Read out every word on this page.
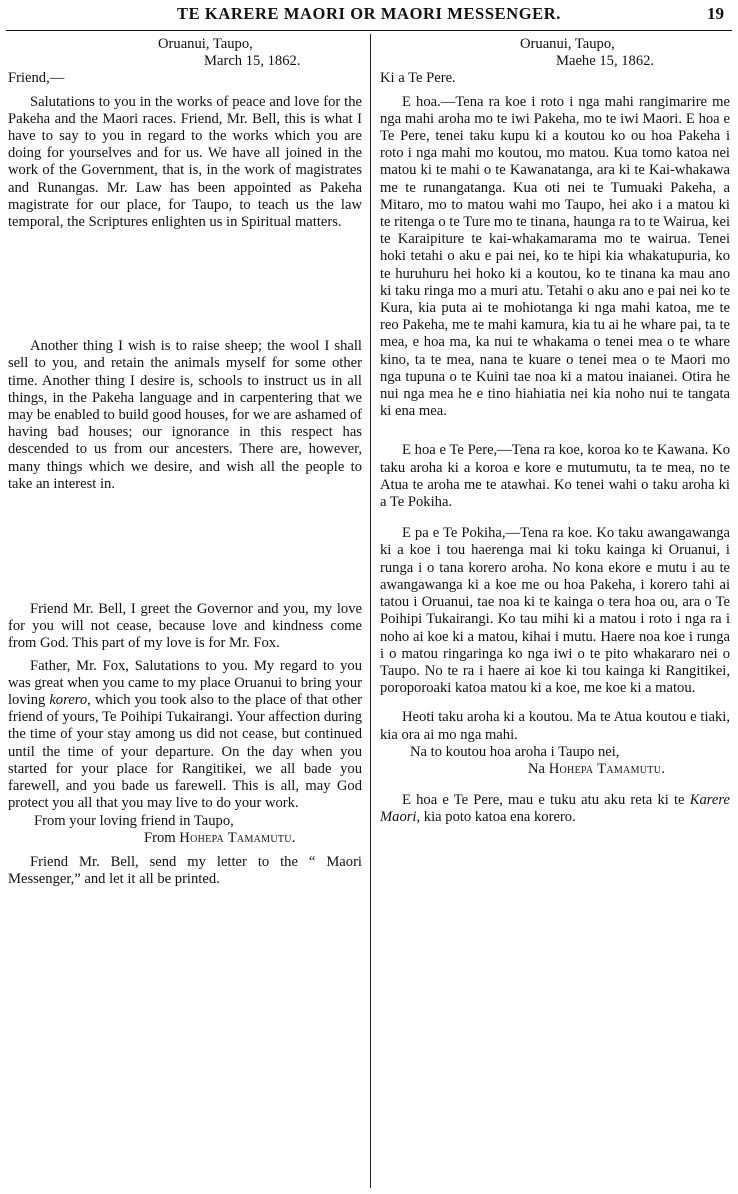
TE KARERE MAORI OR MAORI MESSENGER.	19
Oruanui, Taupo,
March 15, 1862.
Friend,—

Salutations to you in the works of peace and love for the Pakeha and the Maori races. Friend, Mr. Bell, this is what I have to say to you in regard to the works which you are doing for yourselves and for us. We have all joined in the work of the Government, that is, in the work of magistrates and Runangas. Mr. Law has been appointed as Pakeha magistrate for our place, for Taupo, to teach us the law temporal, the Scriptures enlighten us in Spiritual matters.

Another thing I wish is to raise sheep; the wool I shall sell to you, and retain the animals myself for some other time. Another thing I desire is, schools to instruct us in all things, in the Pakeha language and in carpentering that we may be enabled to build good houses, for we are ashamed of having bad houses; our ignorance in this respect has descended to us from our ancesters. There are, however, many things which we desire, and wish all the people to take an interest in.

Friend Mr. Bell, I greet the Governor and you, my love for you will not cease, because love and kindness come from God. This part of my love is for Mr. Fox.

Father, Mr. Fox, Salutations to you. My regard to you was great when you came to my place Oruanui to bring your loving korero, which you took also to the place of that other friend of yours, Te Poihipi Tukairangi. Your affection during the time of your stay among us did not cease, but continued until the time of your departure. On the day when you started for your place for Rangitikei, we all bade you farewell, and you bade us farewell. This is all, may God protect you all that you may live to do your work.

From your loving friend in Taupo,
From Hohepa Tamamutu.

Friend Mr. Bell, send my letter to the “ Maori Messenger,” and let it all be printed.

Oruanui, Taupo,
Maehe 15, 1862.
Ki a Te Pere.

E hoa.—Tena ra koe i roto i nga mahi rangimarire me nga mahi aroha mo te iwi Pakeha, mo te iwi Maori. E hoa e Te Pere, tenei taku kupu ki a koutou ko ou hoa Pakeha i roto i nga mahi mo koutou, mo matou. Kua tomo katoa nei matou ki te mahi o te Kawanatanga, ara ki te Kai-whakawa me te runangatanga. Kua oti nei te Tumuaki Pakeha, a Mitaro, mo to matou wahi mo Taupo, hei ako i a matou ki te ritenga o te Ture mo te tinana, haunga ra to te Wairua, kei te Karaipiture te kai-whakamarama mo te wairua. Tenei hoki tetahi o aku e pai nei, ko te hipi kia whakatupuria, ko te huruhuru hei hoko ki a koutou, ko te tinana ka mau ano ki taku ringa mo a muri atu. Tetahi o aku ano e pai nei ko te Kura, kia puta ai te mohiotanga ki nga mahi katoa, me te reo Pakeha, me te mahi kamura, kia tu ai he whare pai, ta te mea, e hoa ma, ka nui te whakama o tenei mea o te whare kino, ta te mea, nana te kuare o tenei mea o te Maori mo nga tupuna o te Kuini tae noa ki a matou inaianei. Otira he nui nga mea he e tino hiahiatia nei kia noho nui te tangata ki ena mea.

E hoa e Te Pere,—Tena ra koe, koroa ko te Kawana. Ko taku aroha ki a koroa e kore e mutumutu, ta te mea, no te Atua te aroha me te atawhai. Ko tenei wahi o taku aroha ki a Te Pokiha.

E pa e Te Pokiha,—Tena ra koe. Ko taku awangawanga ki a koe i tou haerenga mai ki toku kainga ki Oruanui, i runga i o tana korero aroha. No kona ekore e mutu i au te awangawanga ki a koe me ou hoa Pakeha, i korero tahi ai tatou i Oruanui, tae noa ki te kainga o tera hoa ou, ara o Te Poihipi Tukairangi. Ko tau mihi ki a matou i roto i nga ra i noho ai koe ki a matou, kihai i mutu. Haere noa koe i runga i o matou ringaringa ko nga iwi o te pito whakararo nei o Taupo. No te ra i haere ai koe ki tou kainga ki Rangitikei, poroporoaki katoa matou ki a koe, me koe ki a matou.

Heoti taku aroha ki a koutou. Ma te Atua koutou e tiaki, kia ora ai mo nga mahi.

Na to koutou hoa aroha i Taupo nei,
Na Hohepa Tamamutu.

E hoa e Te Pere, mau e tuku atu aku reta ki te Karere Maori, kia poto katoa ena korero.
